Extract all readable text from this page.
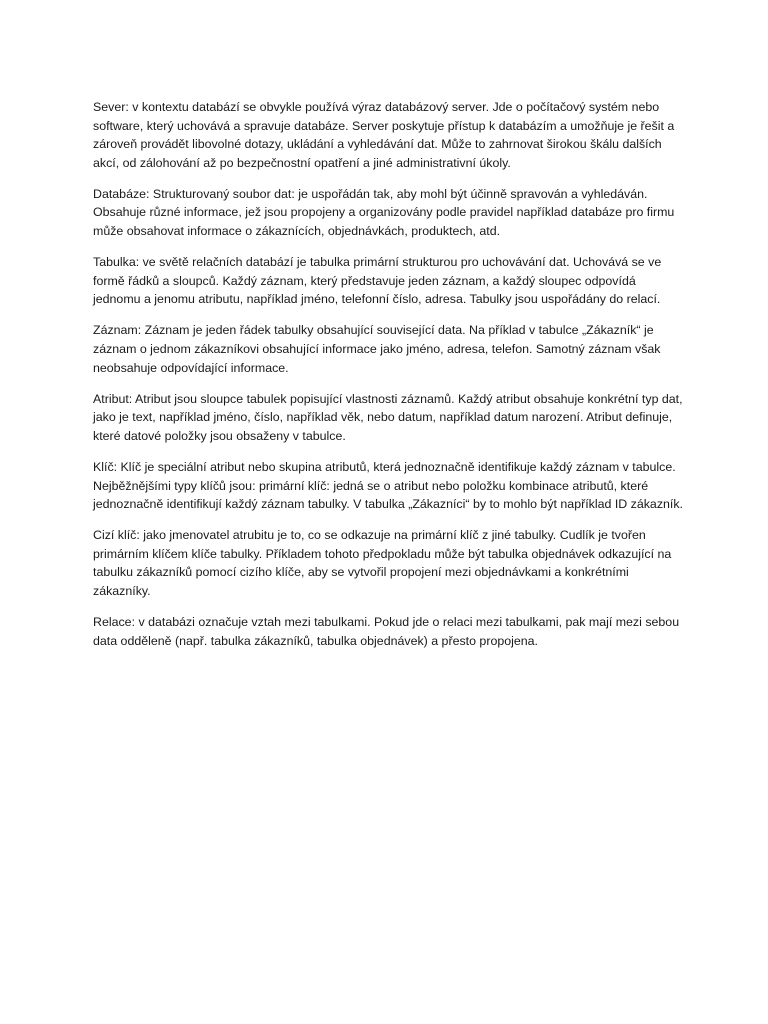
Sever: v kontextu databází se obvykle používá výraz databázový server. Jde o počítačový systém nebo software, který uchovává a spravuje databáze. Server poskytuje přístup k databázím a umožňuje je řešit a zároveň provádět libovolné dotazy, ukládání a vyhledávání dat. Může to zahrnovat širokou škálu dalších akcí, od zálohování až po bezpečnostní opatření a jiné administrativní úkoly.

Databáze: Strukturovaný soubor dat: je uspořádán tak, aby mohl být účinně spravován a vyhledáván. Obsahuje různé informace, jež jsou propojeny a organizovány podle pravidel například databáze pro firmu může obsahovat informace o zákaznících, objednávkách, produktech, atd.

Tabulka: ve světě relačních databází je tabulka primární strukturou pro uchovávání dat. Uchovává se ve formě řádků a sloupců. Každý záznam, který představuje jeden záznam, a každý sloupec odpovídá jednomu a jenomu atributu, například jméno, telefonní číslo, adresa. Tabulky jsou uspořádány do relací.

Záznam: Záznam je jeden řádek tabulky obsahující související data. Na příklad v tabulce „Zákazník“ je záznam o jednom zákazníkovi obsahující informace jako jméno, adresa, telefon. Samotný záznam však neobsahuje odpovídající informace.

Atribut: Atribut jsou sloupce tabulek popisující vlastnosti záznamů. Každý atribut obsahuje konkrétní typ dat, jako je text, například jméno, číslo, například věk, nebo datum, například datum narození. Atribut definuje, které datové položky jsou obsaženy v tabulce.

Klíč: Klíč je speciální atribut nebo skupina atributů, která jednoznačně identifikuje každý záznam v tabulce. Nejběžnějšími typy klíčů jsou: primární klíč: jedná se o atribut nebo položku kombinace atributů, které jednoznačně identifikují každý záznam tabulky. V tabulka „Zákazníci“ by to mohlo být například ID zákazník.

Cizí klíč: jako jmenovatel atrubitu je to, co se odkazuje na primární klíč z jiné tabulky. Cudlík je tvořen primárním klíčem klíče tabulky. Příkladem tohoto předpokladu může být tabulka objednávek odkazující na tabulku zákazníků pomocí cizího klíče, aby se vytvořil propojení mezi objednávkami a konkrétními zákazníky.

Relace: v databázi označuje vztah mezi tabulkami. Pokud jde o relaci mezi tabulkami, pak mají mezi sebou data odděleně (např. tabulka zákazníků, tabulka objednávek) a přesto propojena.
